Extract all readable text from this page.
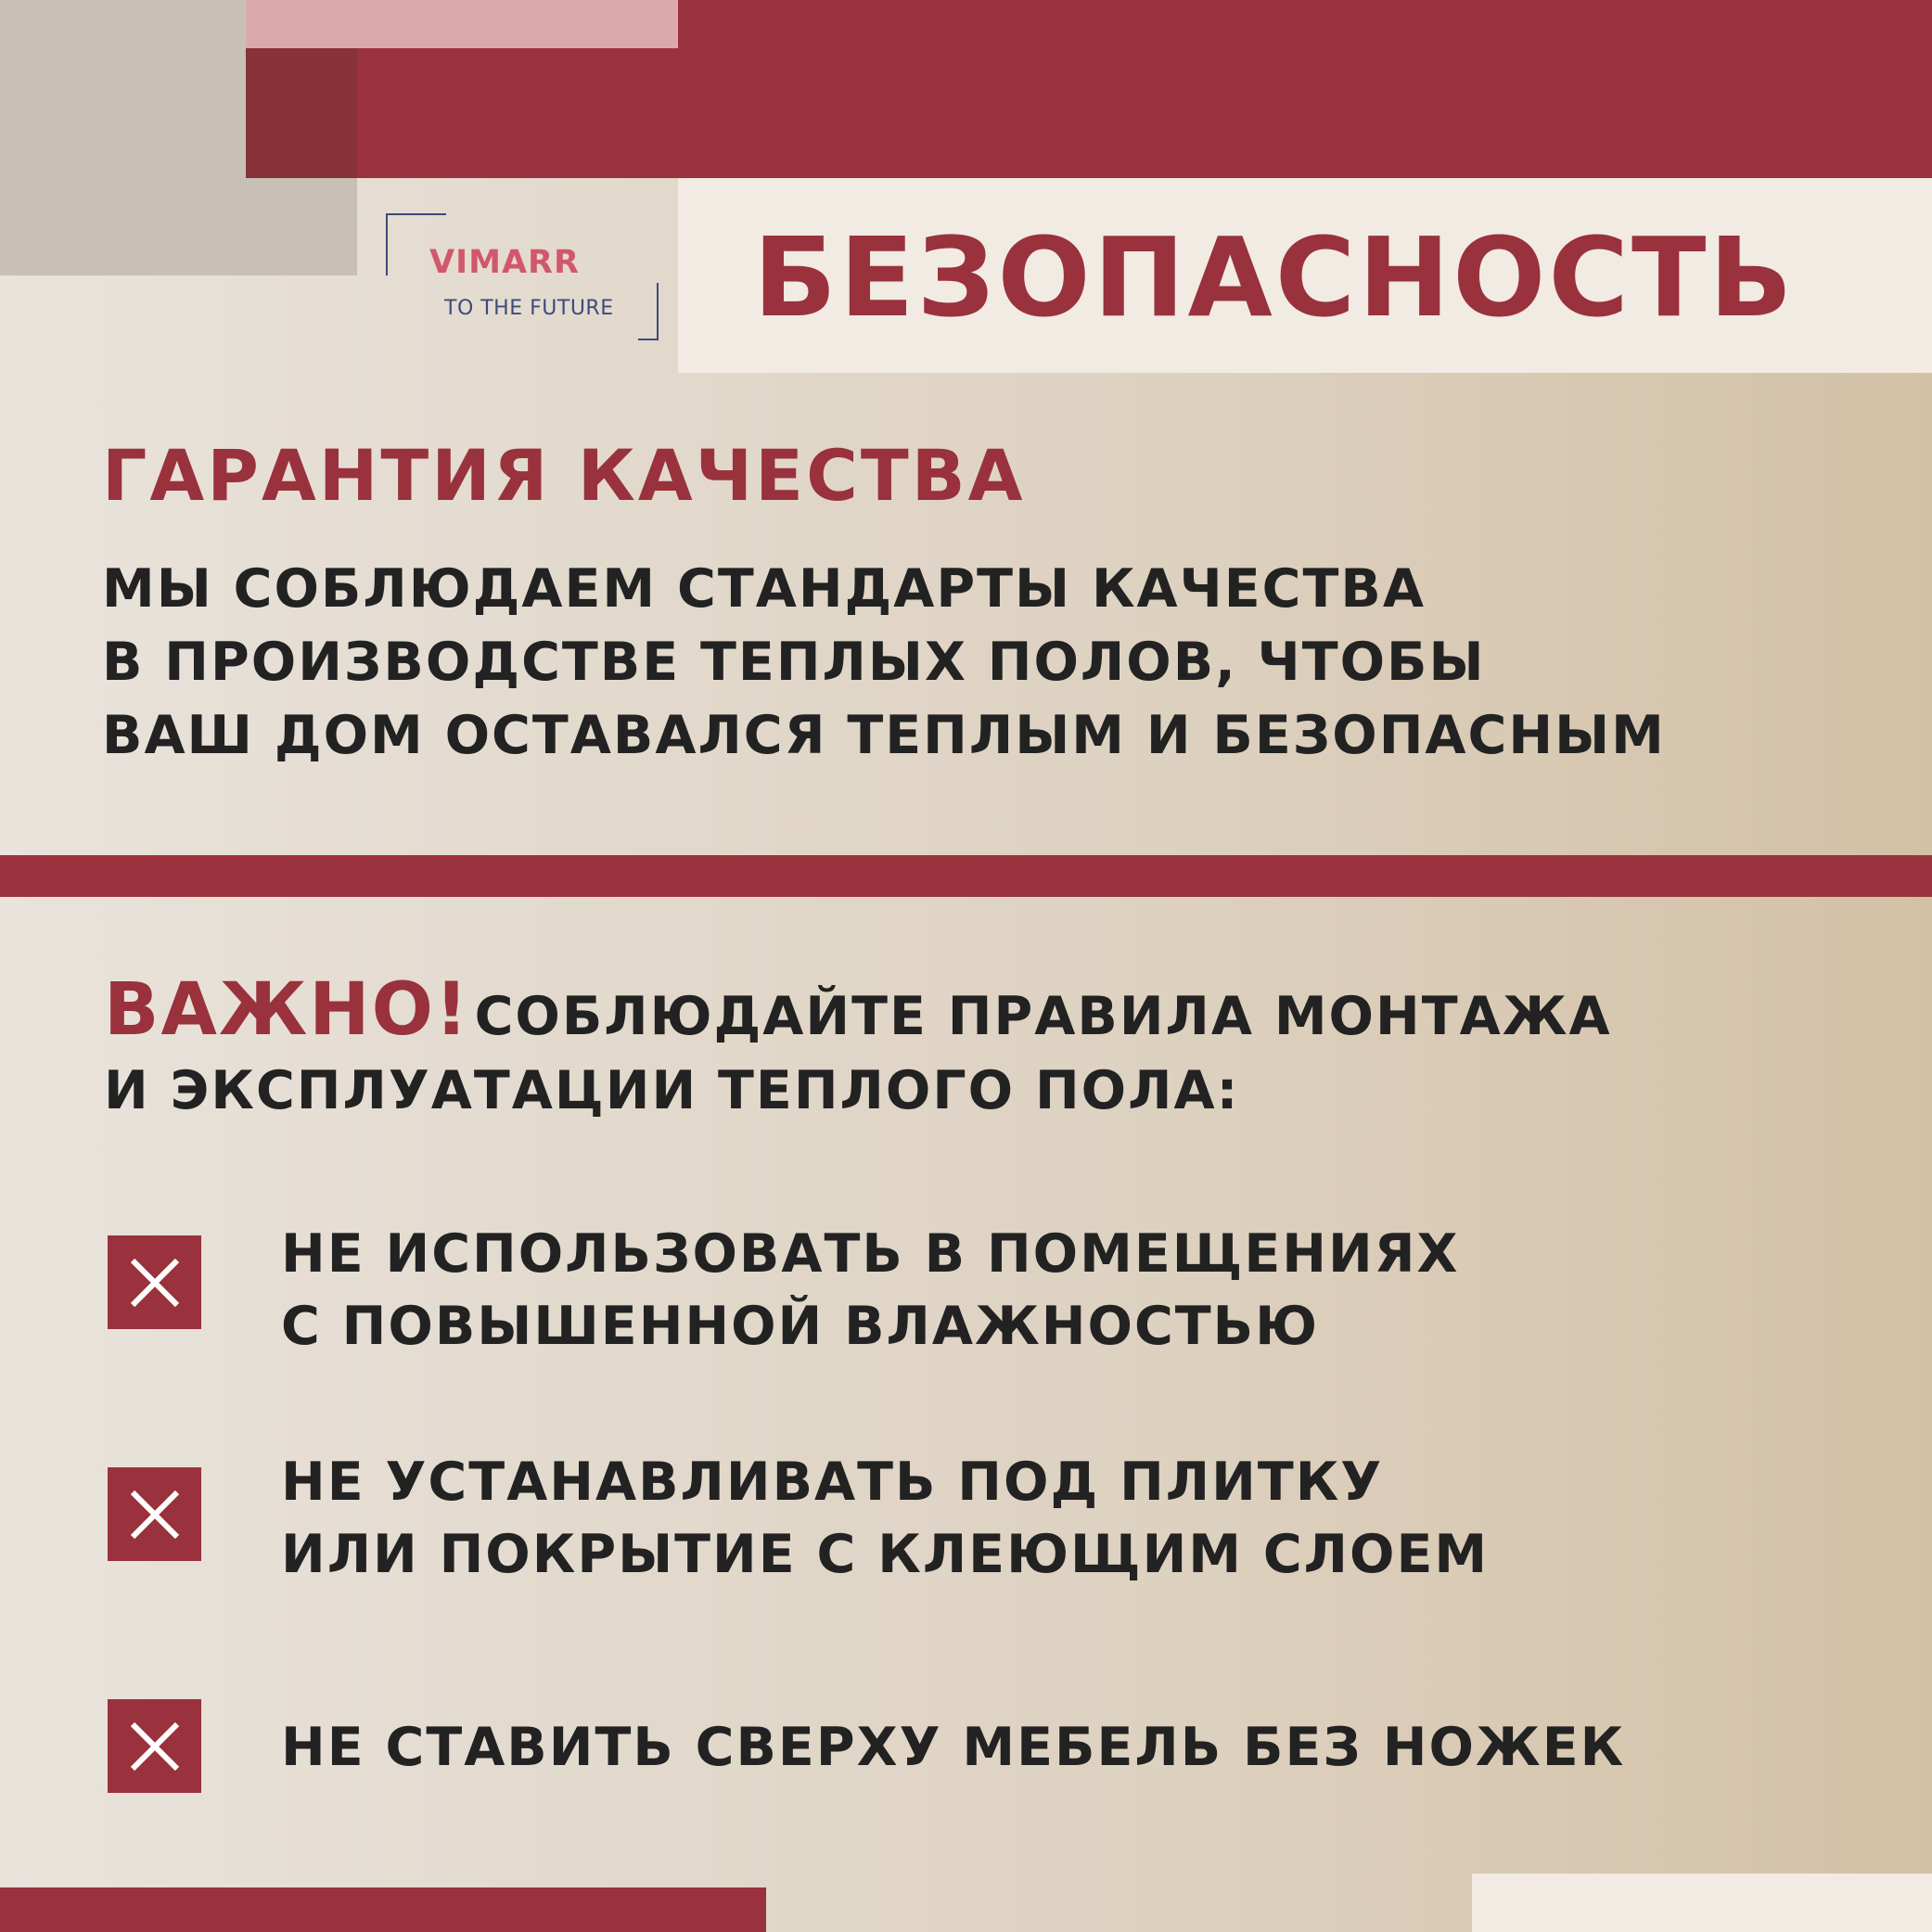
VIMARR
TO THE FUTURE БЕЗОПАСНОСТЬ
ГАРАНТИЯ КАЧЕСТВА
МЫ СОБЛЮДАЕМ СТАНДАРТЫ КАЧЕСТВА
В ПРОИЗВОДСТВЕ ТЕПЛЫХ ПОЛОВ, ЧТОБЫ
ВАШ ДОМ ОСТАВАЛСЯ ТЕПЛЫМ И БЕЗОПАСНЫМ
ВАЖНО! СОБЛЮДАЙТЕ ПРАВИЛА МОНТАЖА
И ЭКСПЛУАТАЦИИ ТЕПЛОГО ПОЛА:
НЕ ИСПОЛЬЗОВАТЬ В ПОМЕЩЕНИЯХ
С ПОВЫШЕННОЙ ВЛАЖНОСТЬЮ
НЕ УСТАНАВЛИВАТЬ ПОД ПЛИТКУ
ИЛИ ПОКРЫТИЕ С КЛЕЮЩИМ СЛОЕМ
НЕ СТАВИТЬ СВЕРХУ МЕБЕЛЬ БЕЗ НОЖЕК
